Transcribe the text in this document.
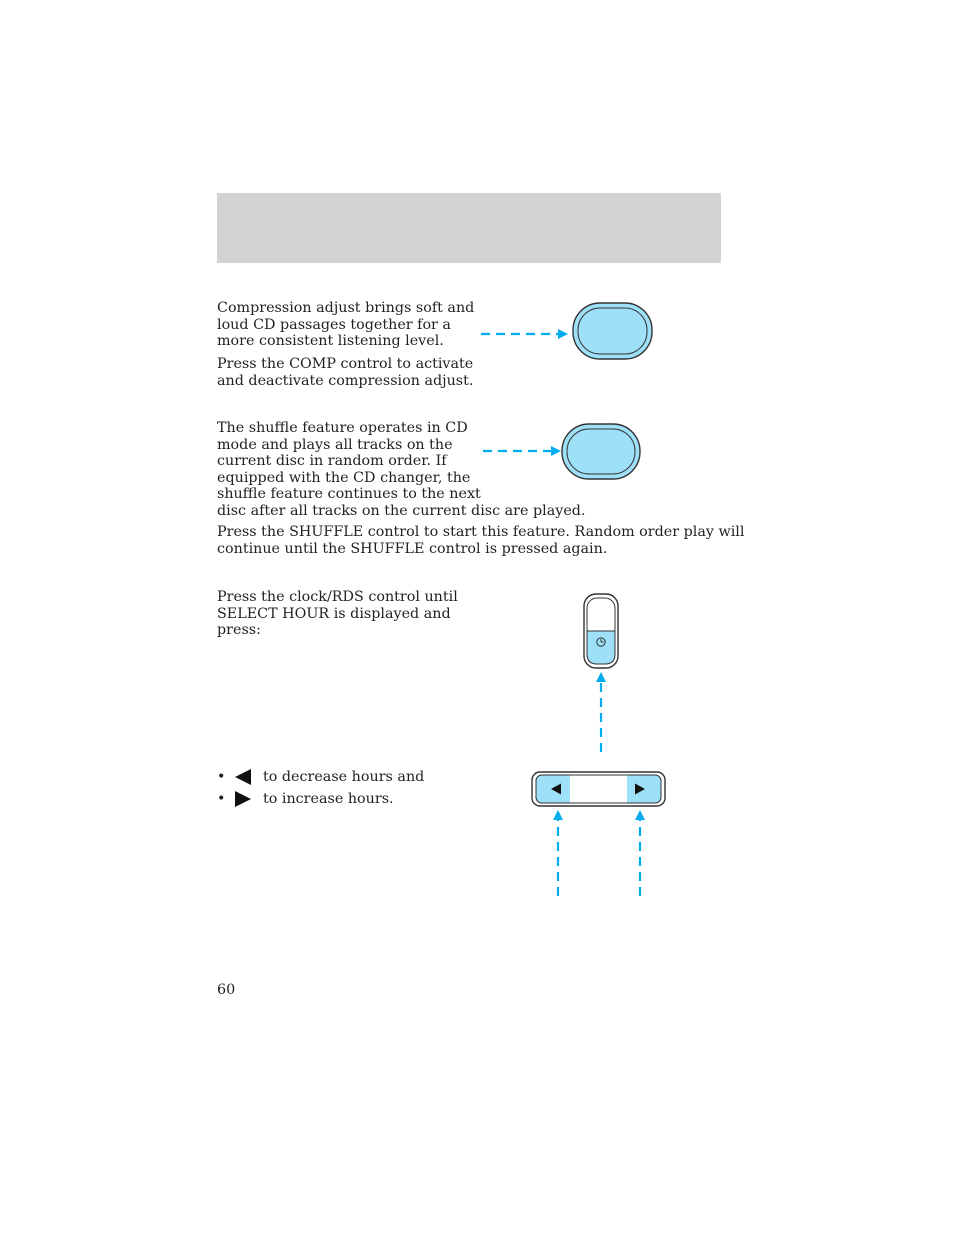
Compression adjust brings soft and
loud CD passages together for a
more consistent listening level.

Press the COMP control to activate
and deactivate compression adjust.

The shuffle feature operates in CD
mode and plays all tracks on the
current disc in random order. If
equipped with the CD changer, the
shuffle feature continues to the next
disc after all tracks on the current disc are played.

Press the SHUFFLE control to start this feature. Random order play will
continue until the SHUFFLE control is pressed again.

Press the clock/RDS control until
SELECT HOUR is displayed and
press:

•	to decrease hours and
•	to increase hours.
60
